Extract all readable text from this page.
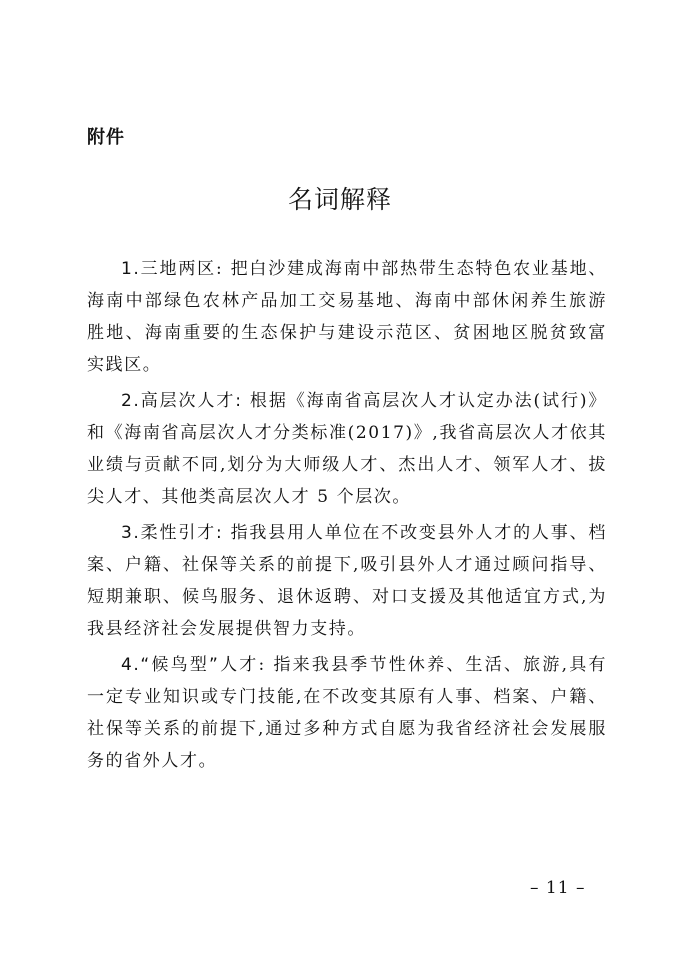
附件
名词解释

1.三地两区: 把白沙建成海南中部热带生态特色农业基地、海南中部绿色农林产品加工交易基地、海南中部休闲养生旅游胜地、海南重要的生态保护与建设示范区、贫困地区脱贫致富实践区。

2.高层次人才: 根据《海南省高层次人才认定办法(试行)》和《海南省高层次人才分类标准(2017)》,我省高层次人才依其业绩与贡献不同,划分为大师级人才、杰出人才、领军人才、拔尖人才、其他类高层次人才 5 个层次。

3.柔性引才: 指我县用人单位在不改变县外人才的人事、档案、户籍、社保等关系的前提下,吸引县外人才通过顾问指导、短期兼职、候鸟服务、退休返聘、对口支援及其他适宜方式,为我县经济社会发展提供智力支持。

4.“候鸟型”人才: 指来我县季节性休养、生活、旅游,具有一定专业知识或专门技能,在不改变其原有人事、档案、户籍、社保等关系的前提下,通过多种方式自愿为我省经济社会发展服务的省外人才。

– 11 –
